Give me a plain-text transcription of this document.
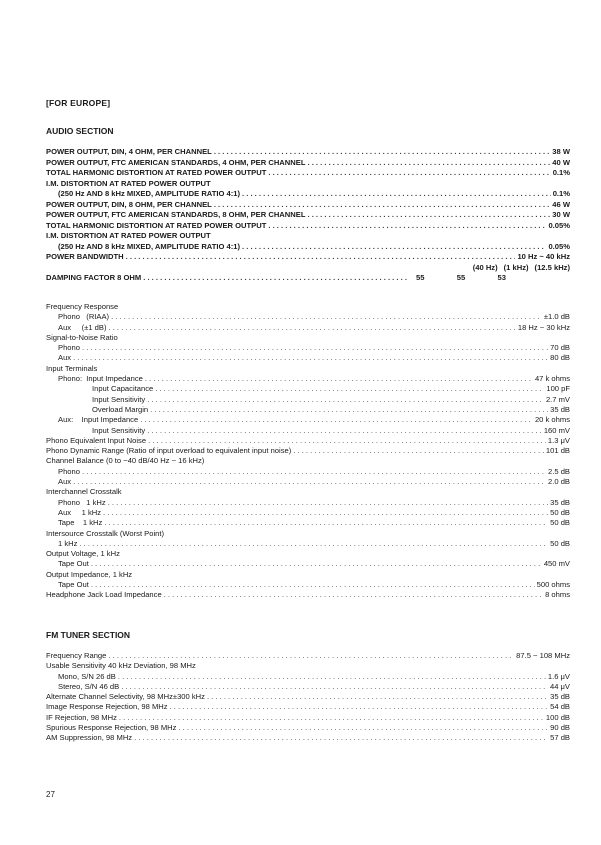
[FOR EUROPE]
AUDIO SECTION
POWER OUTPUT, DIN, 4 OHM, PER CHANNEL . . .	38 W
POWER OUTPUT, FTC AMERICAN STANDARDS, 4 OHM, PER CHANNEL . . .	40 W
TOTAL HARMONIC DISTORTION AT RATED POWER OUTPUT . . .	0.1%
I.M. DISTORTION AT RATED POWER OUTPUT
(250 Hz AND 8 kHz MIXED, AMPLITUDE RATIO 4:1) . . .	0.1%
POWER OUTPUT, DIN, 8 OHM, PER CHANNEL . . .	46 W
POWER OUTPUT, FTC AMERICAN STANDARDS, 8 OHM, PER CHANNEL . . .	30 W
TOTAL HARMONIC DISTORTION AT RATED POWER OUTPUT . . .	0.05%
I.M. DISTORTION AT RATED POWER OUTPUT
(250 Hz AND 8 kHz MIXED, AMPLITUDE RATIO 4:1) . . .	0.05%
POWER BANDWIDTH . . .	10 Hz ~ 40 kHz
(40 Hz) (1 kHz) (12.5 kHz)
DAMPING FACTOR 8 OHM . . .	55	55	53
Frequency Response
Phono   (RIAA) . . .	±1.0 dB
Aux     (±1 dB) . . .	18 Hz ~ 30 kHz
Signal-to-Noise Ratio
Phono . . .	70 dB
Aux . . .	80 dB
Input Terminals
Phono:  Input Impedance . . .	47 k ohms
Input Capacitance . . .	100 pF
Input Sensitivity . . .	2.7 mV
Overload Margin . . .	35 dB
Aux:    Input Impedance . . .	20 k ohms
Input Sensitivity . . .	160 mV
Phono Equivalent Input Noise . . .	1.3 μV
Phono Dynamic Range (Ratio of input overload to equivalent input noise) . . .	101 dB
Channel Balance (0 to −40 dB/40 Hz ~ 16 kHz)
Phono . . .	2.5 dB
Aux . . .	2.0 dB
Interchannel Crosstalk
Phono   1 kHz . . .	35 dB
Aux     1 kHz . . .	50 dB
Tape    1 kHz . . .	50 dB
Intersource Crosstalk (Worst Point)
1 kHz . . .	50 dB
Output Voltage, 1 kHz
Tape Out . . .	450 mV
Output Impedance, 1 kHz
Tape Out . . .	500 ohms
Headphone Jack Load Impedance . . .	8 ohms
FM TUNER SECTION
Frequency Range . . .	87.5 ~ 108 MHz
Usable Sensitivity 40 kHz Deviation, 98 MHz
Mono, S/N 26 dB . . .	1.6 μV
Stereo, S/N 46 dB . . .	44 μV
Alternate Channel Selectivity, 98 MHz±300 kHz . . .	35 dB
Image Response Rejection, 98 MHz . . .	54 dB
IF Rejection, 98 MHz . . .	100 dB
Spurious Response Rejection, 98 MHz . . .	90 dB
AM Suppression, 98 MHz . . .	57 dB
27
